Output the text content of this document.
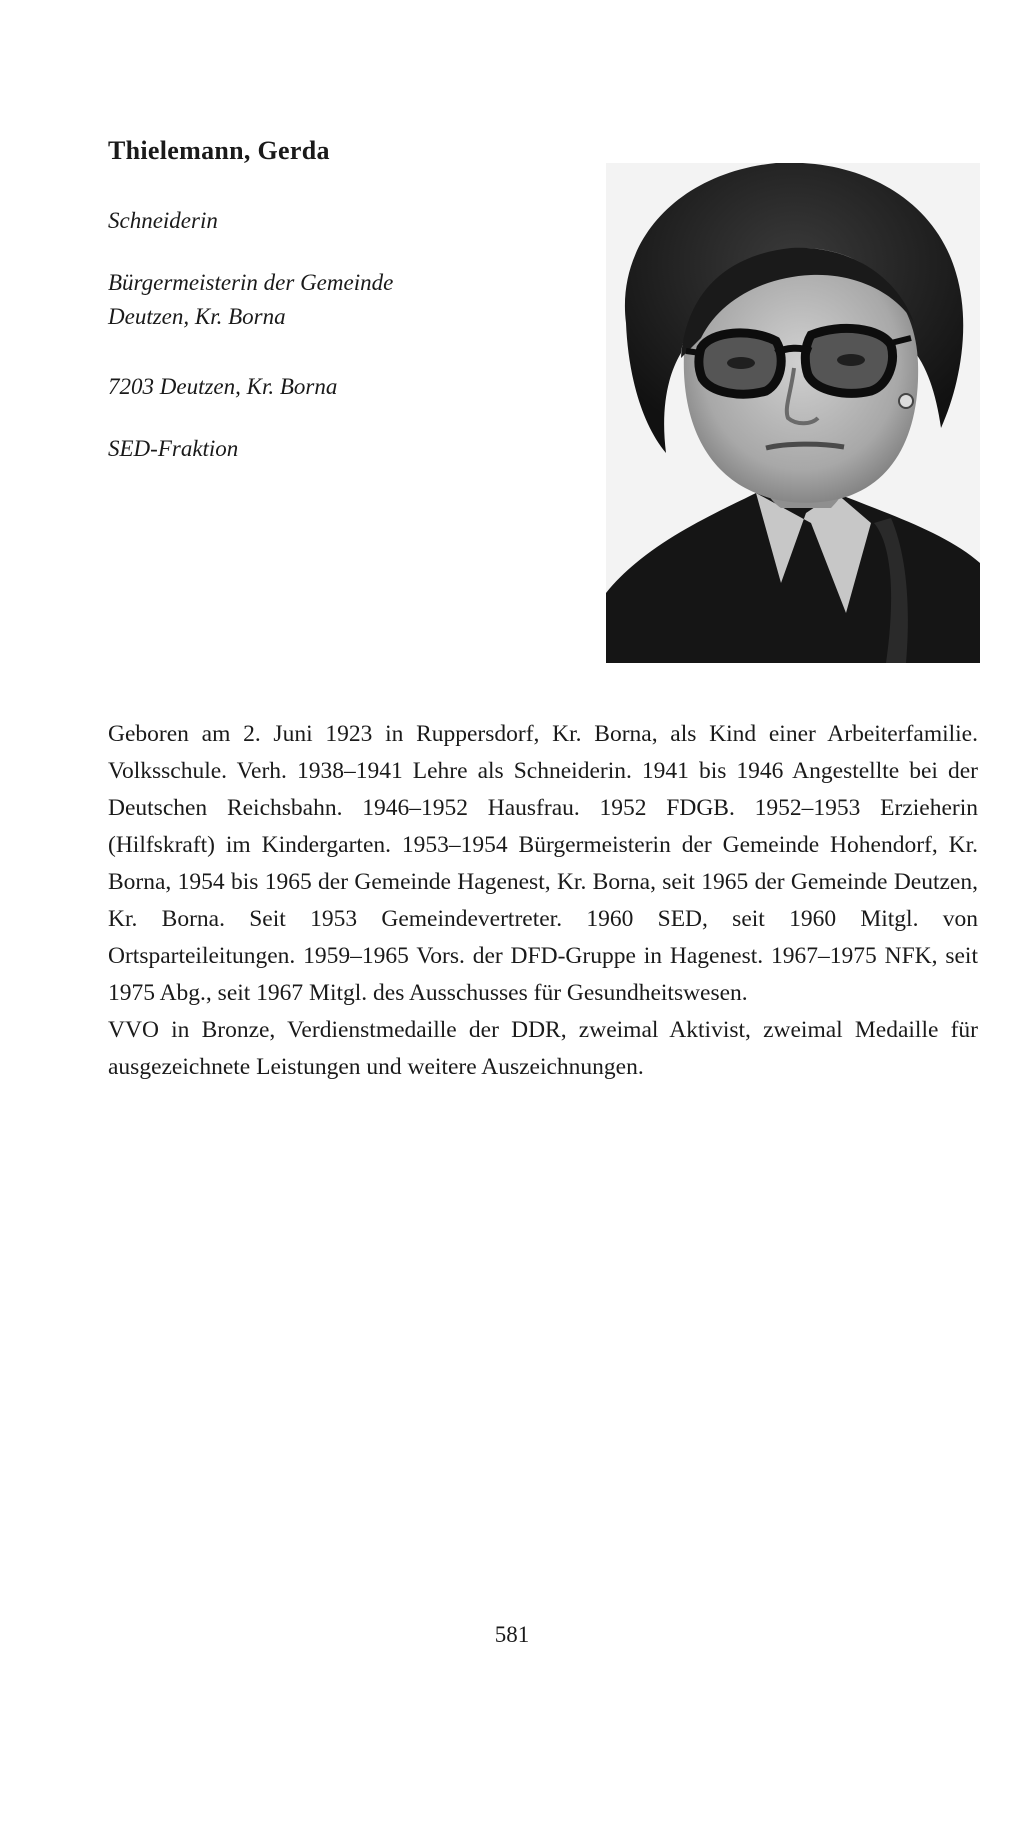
Thielemann, Gerda
Schneiderin
Bürgermeisterin der Gemeinde
Deutzen, Kr. Borna
7203 Deutzen, Kr. Borna
SED-Fraktion

Geboren am 2. Juni 1923 in Ruppersdorf, Kr. Borna, als Kind einer Arbeiterfamilie. Volksschule. Verh. 1938–1941 Lehre als Schneiderin. 1941 bis 1946 Angestellte bei der Deutschen Reichsbahn. 1946–1952 Hausfrau. 1952 FDGB. 1952–1953 Erzieherin (Hilfskraft) im Kindergarten. 1953–1954 Bürgermeisterin der Gemeinde Hohendorf, Kr. Borna, 1954 bis 1965 der Gemeinde Hagenest, Kr. Borna, seit 1965 der Gemeinde Deutzen, Kr. Borna. Seit 1953 Gemeindevertreter. 1960 SED, seit 1960 Mitgl. von Ortsparteileitungen. 1959–1965 Vors. der DFD-Gruppe in Hagenest. 1967–1975 NFK, seit 1975 Abg., seit 1967 Mitgl. des Ausschusses für Gesundheitswesen.

VVO in Bronze, Verdienstmedaille der DDR, zweimal Aktivist, zweimal Medaille für ausgezeichnete Leistungen und weitere Auszeichnungen.

581
